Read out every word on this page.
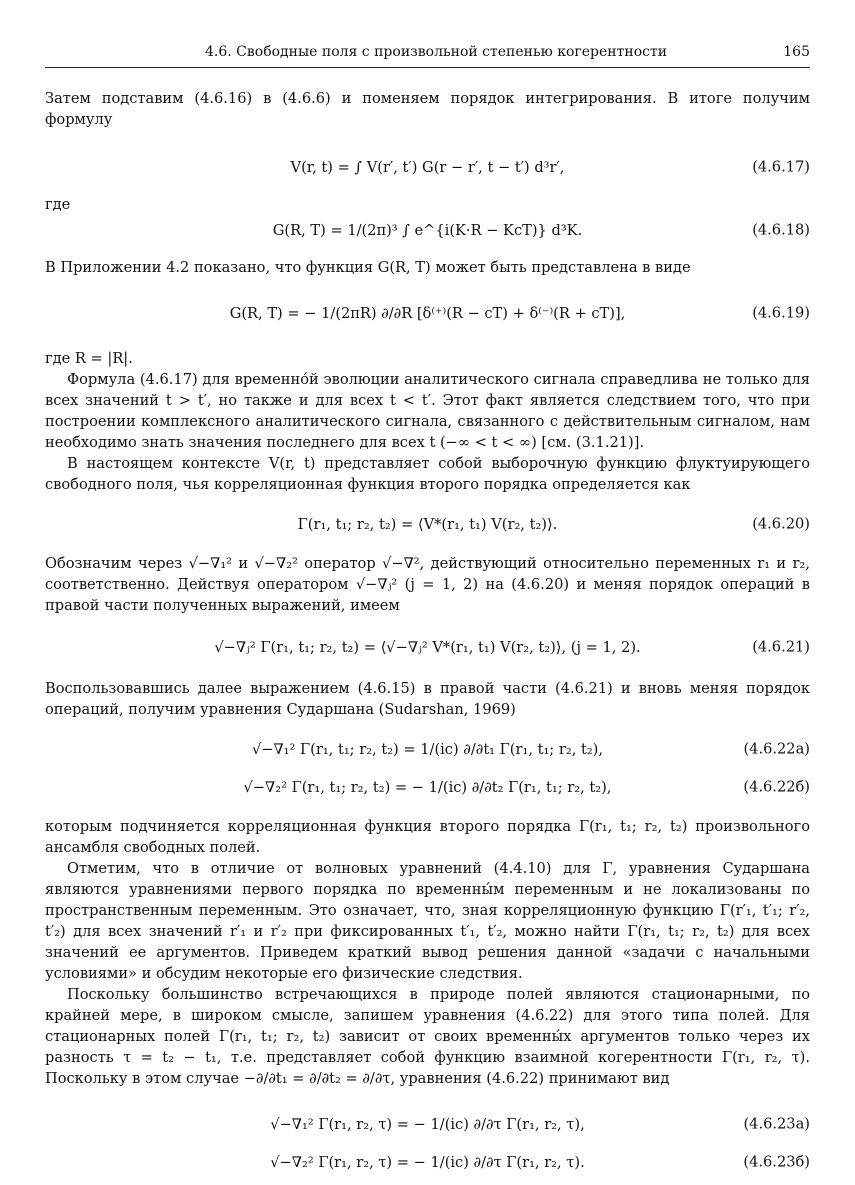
4.6. Свободные поля с произвольной степенью когерентности	165

Затем подставим (4.6.16) в (4.6.6) и поменяем порядок интегрирования. В итоге получим формулу

V(r, t) = ∫ V(r′, t′) G(r − r′, t − t′) d³r′,	(4.6.17)

где

G(R, T) = 1/(2π)³ ∫ e^{i(K·R − KcT)} d³K.	(4.6.18)

В Приложении 4.2 показано, что функция G(R, T) может быть представлена в виде

G(R, T) = − 1/(2πR) ∂/∂R [δ⁽⁺⁾(R − cT) + δ⁽⁻⁾(R + cT)],	(4.6.19)

где R = |R|.

Формула (4.6.17) для временно́й эволюции аналитического сигнала справедлива не только для всех значений t > t′, но также и для всех t < t′. Этот факт является следствием того, что при построении комплексного аналитического сигнала, связанного с действительным сигналом, нам необходимо знать значения последнего для всех t (−∞ < t < ∞) [см. (3.1.21)].

В настоящем контексте V(r, t) представляет собой выборочную функцию флуктуирующего свободного поля, чья корреляционная функция второго порядка определяется как

Γ(r₁, t₁; r₂, t₂) = ⟨V*(r₁, t₁) V(r₂, t₂)⟩.	(4.6.20)

Обозначим через √−∇₁² и √−∇₂² оператор √−∇², действующий относительно переменных r₁ и r₂, соответственно. Действуя оператором √−∇ⱼ² (j = 1, 2) на (4.6.20) и меняя порядок операций в правой части полученных выражений, имеем

√−∇ⱼ² Γ(r₁, t₁; r₂, t₂) = ⟨√−∇ⱼ² V*(r₁, t₁) V(r₂, t₂)⟩, (j = 1, 2).	(4.6.21)

Воспользовавшись далее выражением (4.6.15) в правой части (4.6.21) и вновь меняя порядок операций, получим уравнения Сударшана (Sudarshan, 1969)

√−∇₁² Γ(r₁, t₁; r₂, t₂) = 1/(ic) ∂/∂t₁ Γ(r₁, t₁; r₂, t₂),	(4.6.22a)
√−∇₂² Γ(r₁, t₁; r₂, t₂) = − 1/(ic) ∂/∂t₂ Γ(r₁, t₁; r₂, t₂),	(4.6.22б)

которым подчиняется корреляционная функция второго порядка Γ(r₁, t₁; r₂, t₂) произвольного ансамбля свободных полей.

Отметим, что в отличие от волновых уравнений (4.4.10) для Γ, уравнения Сударшана являются уравнениями первого порядка по временны́м переменным и не локализованы по пространственным переменным. Это означает, что, зная корреляционную функцию Γ(r′₁, t′₁; r′₂, t′₂) для всех значений r′₁ и r′₂ при фиксированных t′₁, t′₂, можно найти Γ(r₁, t₁; r₂, t₂) для всех значений ее аргументов. Приведем краткий вывод решения данной «задачи с начальными условиями» и обсудим некоторые его физические следствия.

Поскольку большинство встречающихся в природе полей являются стационарными, по крайней мере, в широком смысле, запишем уравнения (4.6.22) для этого типа полей. Для стационарных полей Γ(r₁, t₁; r₂, t₂) зависит от своих временны́х аргументов только через их разность τ = t₂ − t₁, т.е. представляет собой функцию взаимной когерентности Γ(r₁, r₂, τ). Поскольку в этом случае −∂/∂t₁ = ∂/∂t₂ = ∂/∂τ, уравнения (4.6.22) принимают вид

√−∇₁² Γ(r₁, r₂, τ) = − 1/(ic) ∂/∂τ Γ(r₁, r₂, τ),	(4.6.23a)
√−∇₂² Γ(r₁, r₂, τ) = − 1/(ic) ∂/∂τ Γ(r₁, r₂, τ).	(4.6.23б)
